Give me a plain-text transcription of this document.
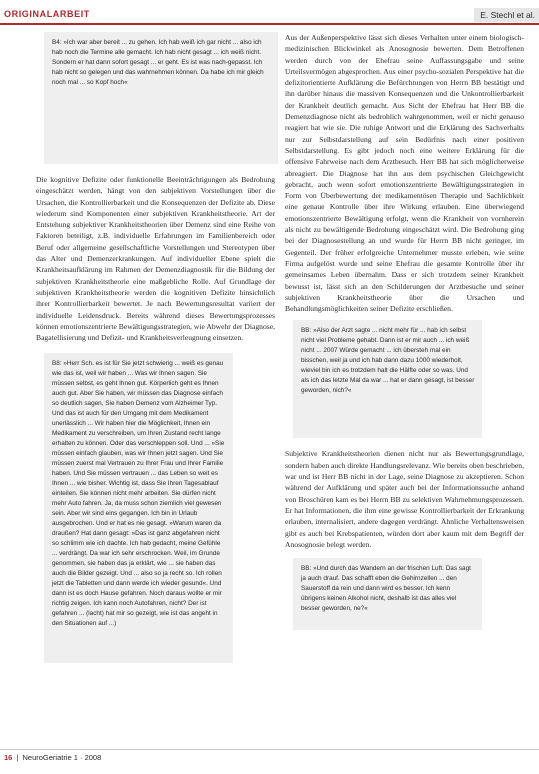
ORIGINALARBEIT	E. Stechl et al.
B4: »Ich war aber bereit ... zu gehen. Ich hab weiß ich gar nicht ... also ich hab noch die Termine alle gemacht. Ich hab nicht gesagt ... ich weiß nicht. Sondern er hat dann sofort gesagt ... er geht. Es ist was nach-gepasst. Ich hab nicht so gelegen und das wahrnehmen können. Da habe ich mir gleich noch mal ... so Kopf hoch«

Die kognitive Defizite oder funktionelle Beeinträchtigungen als Bedrohung eingeschätzt werden, hängt von den subjektiven Vorstellungen über die Ursachen, die Kontrollierbarkeit und die Konsequenzen der Defizite ab. Diese wiederum sind Komponenten einer subjektiven Krankheitstheorie. Art der Entstehung subjektiver Krankheitstheorien über Demenz sind eine Reihe von Faktoren beteiligt, z.B. individuelle Erfahrungen im Familienbereich oder Beruf oder allgemeine gesellschaftliche Vorstellungen und Stereotypen über das Alter und Demenzerkrankungen. Auf individueller Ebene spielt die Krankheitsaufklärung im Rahmen der Demenzdiagnostik für die Bildung der subjektiven Krankheitstheorie eine maßgebliche Rolle. Auf Grundlage der subjektiven Krankheitstheorie werden die kognitiven Defizite hinsichtlich ihrer Kontrollierbarkeit bewertet. Je nach Bewertungsresultat variiert der individuelle Leidensdruck. Bereits während dieses Bewertungsprozesses können emotionszentrierte Bewältigungsstrategien, wie Abwehr der Diagnose, Bagatellisierung und Defizit- und Krankheitsverleugnung einsetzen.

B8: »Herr Sch. es ist für Sie jetzt schwierig ... weiß es genau wie das ist, weil wir haben ... Was wir Ihnen sagen. Sie müssen selbst, es geht Ihnen gut. Körperlich geht es Ihnen auch gut. Aber Sie haben, wir müssen das Diagnose einfach so deutlich sagen, Sie haben Demenz vom Alzheimer Typ. Und das ist auch für den Umgang mit dem Medikament unerlässlich ... Wir haben hier die Möglichkeit, Ihnen ein Medikament zu verschreiben, um Ihren Zustand recht lange erhalten zu können. Oder das verschleppen soll. Und ... »Sie müssen einfach glauben, was wir Ihnen jetzt sagen. Und Sie müssen zuerst mal Vertrauen zu Ihrer Frau und Ihrer Familie haben. Und Sie müssen vertrauen ... das Leben so weit es Ihnen ... wie bisher. Wichtig ist, dass Sie Ihren Tagesablauf einteilen. Sie können nicht mehr arbeiten. Sie dürfen nicht mehr Auto fahren. Ja, da muss schon ziemlich viel gewesen sein. Aber wir sind eins gegangen. Ich bin in Urlaub ausgebrochen. Und er hat es nie gesagt. »Warum waren da draußen? Hat dann gesagt: »Das ist ganz abgefahren nicht so schlimm wie ich dachte. Ich hab gedacht, meine Gefühle ... verdrängt. Da war ich sehr erschrocken. Weil, im Grunde genommen, sie haben das ja erklärt, wie ... sie haben das auch die Bilder gezeigt. Und ... also so ja recht so. Ich rollen jetzt die Tabletten und dann werde ich wieder gesund«. Und dann ist es doch Hause gefahren. Noch daraus wollte er mir richtig zeigen. Ich kann noch Autofahren, nicht? Der ist gefahren ... (lacht) hat mir so gezeigt, wie ist das angeht in den Situationen auf ...)

Aus der Außenperspektive lässt sich dieses Verhalten unter einem biologisch-medizinischen Blickwinkel als Anosognosie bewerten. Dem Betroffenen werden durch von der Ehefrau seine Auffassungsgabe und seine Urteilsvermögen abgesprochen. Aus einer psycho-sozialen Perspektive hat die defizitorientierte Aufklärung die Befürchtungen von Herrn BB bestätigt und ihn darüber hinaus die massiven Konsequenzen und die Unkontrollierbarkeit der Krankheit deutlich gemacht. Aus Sicht der Ehefrau hat Herr BB die Demenzdiagnose nicht als bedrohlich wahrgenommen, weil er nicht genauso reagiert hat wie sie. Die ruhige Antwort und die Erklärung des Sachverhalts nur zur Selbstdarstellung auf sein Bedürfnis nach einer positiven Selbstdarstellung. Es gibt jedoch noch eine weitere Erklärung für die offensive Fahrweise nach dem Arztbesuch. Herr BB hat sich möglicherweise abreagiert. Die Diagnose hat ihn aus dem psychischen Gleichgewicht gebracht, auch wenn sofort emotionszentrierte Bewältigungsstrategien in Form von Überbewertung der medikamentösen Therapie und Sachlichkeit eine genaue Kontrolle über ihre Wirkung erlauben. Eine überwiegend emotionszentrierte Bewältigung erfolgt, wenn die Krankheit von vornherein als nicht zu bewältigende Bedrohung eingeschätzt wird. Die Bedrohung ging bei der Diagnosestellung an und wurde für Herrn BB nicht geringer, im Gegenteil. Der früher erfolgreiche Unternehmer musste erleben, wie seine Firma aufgelöst wurde und seine Ehefrau die gesamte Kontrolle über ihr gemeinsames Leben übernahm. Dass er sich trotzdem seiner Krankheit bewusst ist, lässt sich an den Schilderungen der Arztbesuche und seiner subjektiven Krankheitstheorie über die Ursachen und Behandlungsmöglichkeiten seiner Defizite erschließen.

BB: »Also der Arzt sagte ... nicht mehr für ... hab ich selbst nicht viel Probleme gehabt. Dann ist er mir auch ... ich weiß nicht ... 2007 Würde gemacht ... ich übersteh mal ein bisschen, weil ja und ich hab dann dazu 1000 wiederholt, wieviel bin ich es trotzdem halt die Hälfte oder so was. Und als ich das letzte Mal da war ... hat er dann gesagt, ist besser geworden, nich?«

Subjektive Krankheitstheorien dienen nicht nur als Bewertungsgrundlage, sondern haben auch direkte Handlungsrelevanz. Wie bereits oben beschrieben, war und ist Herr BB nicht in der Lage, seine Diagnose zu akzeptieren. Schon während der Aufklärung und später auch bei der Informationssuche anhand von Broschüren kam es bei Herrn BB zu selektiven Wahrnehmungsprozessen. Er hat Informationen, die ihm eine gewisse Kontrollierbarkeit der Erkrankung erlauben, internalisiert, andere dagegen verdrängt. Ähnliche Verhaltensweisen gibt es auch bei Krebspatienten, würden dort aber kaum mit dem Begriff der Anosognosie belegt werden.

BB: »Und durch das Wandern an der frischen Luft. Das sagt ja auch drauf. Das schafft eben die Gehirnzellen ... den Sauerstoff da rein und dann wird es besser. Ich kenn übrigens keinen Alkohol nicht, deshalb ist das alles viel besser geworden, ne?«
16 | NeuroGeriatrie 1 · 2008
